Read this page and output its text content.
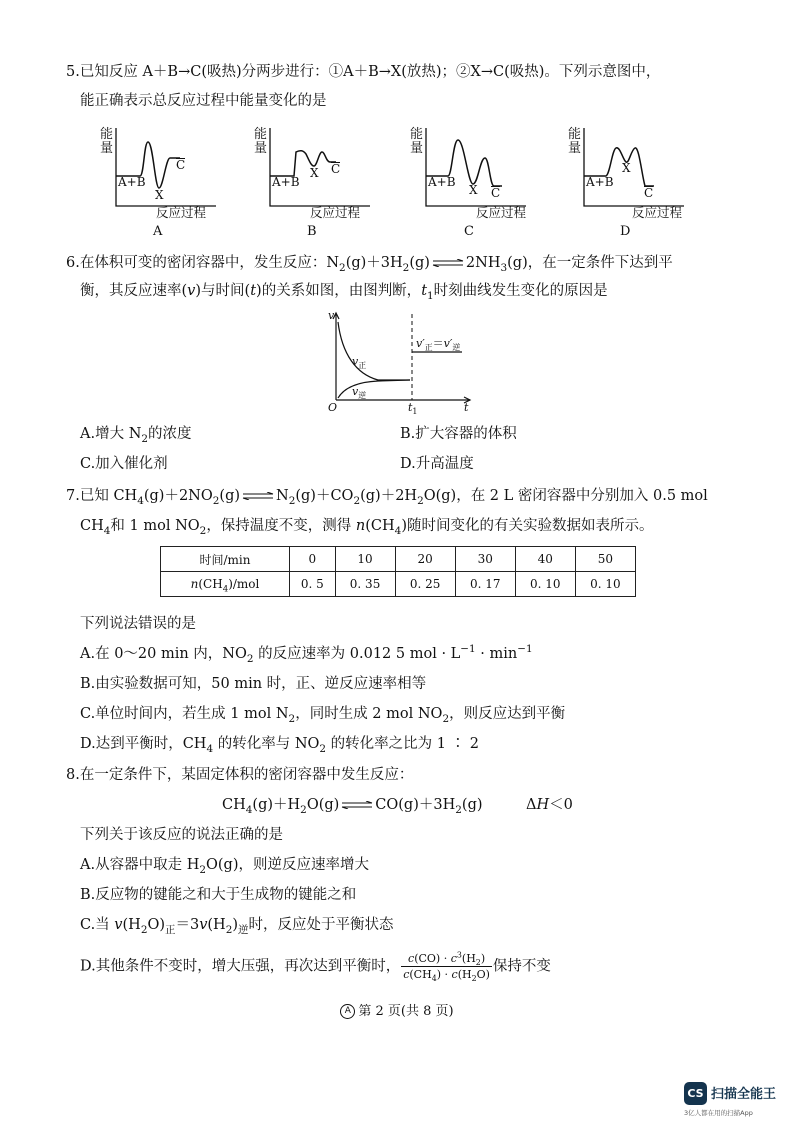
5.已知反应 A＋B→C(吸热)分两步进行：①A＋B→X(放热)；②X→C(吸热)。下列示意图中，
能正确表示总反应过程中能量变化的是
能量
A+B
X
C
反应过程
A
能量
A+B
X C
反应过程
B
能量
A+B
X C
反应过程
C
能量
A+B
X
C
反应过程
D
6.在体积可变的密闭容器中，发生反应：$N_2(g)+3H_2(g)\rightleftharpoons 2NH_3(g)$，在一定条件下达到平
衡，其反应速率(v)与时间(t)的关系如图，由图判断，$t_1$时刻曲线发生变化的原因是
v
O	t
$t_1$
$v_正$
$v_逆$
$v'_正=v'_逆$
A.增大 $N_2$的浓度	B.扩大容器的体积
C.加入催化剂	D.升高温度
7.已知 $CH_4(g)+2NO_2(g)\rightleftharpoons N_2(g)+CO_2(g)+2H_2O(g)$，在 2 L 密闭容器中分别加入 0.5 mol
$CH_4$和 1 mol $NO_2$，保持温度不变，测得 $n(CH_4)$随时间变化的有关实验数据如表所示。
时间/min	0	10	20	30	40	50
$n(CH_4)$/mol	0. 5	0. 35	0. 25	0. 17	0. 10	0. 10
下列说法错误的是
A.在 0～20 min 内，$NO_2$ 的反应速率为 0.012 5 mol · $L^{-1} \cdot \min^{-1}$
B.由实验数据可知，50 min 时，正、逆反应速率相等
C.单位时间内，若生成 1 mol $N_2$，同时生成 2 mol $NO_2$，则反应达到平衡
D.达到平衡时，$CH_4$ 的转化率与 $NO_2$ 的转化率之比为 1 ∶ 2
8.在一定条件下，某固定体积的密闭容器中发生反应：
$CH_4(g)+H_2O(g)\rightleftharpoons CO(g)+3H_2(g)$	ΔH＜0
下列关于该反应的说法正确的是
A.从容器中取走 $H_2O(g)$，则逆反应速率增大
B.反应物的键能之和大于生成物的键能之和
C.当 $v(H_2O)_正=3v(H_2)_逆$时，反应处于平衡状态
D.其他条件不变时，增大压强，再次达到平衡时， $\frac{c(CO) \cdot c^3(H_2)}{c(CH_4) \cdot c(H_2O)}$ 保持不变
A 第 2 页(共 8 页)
CS 扫描全能王
3亿人都在用的扫描App
